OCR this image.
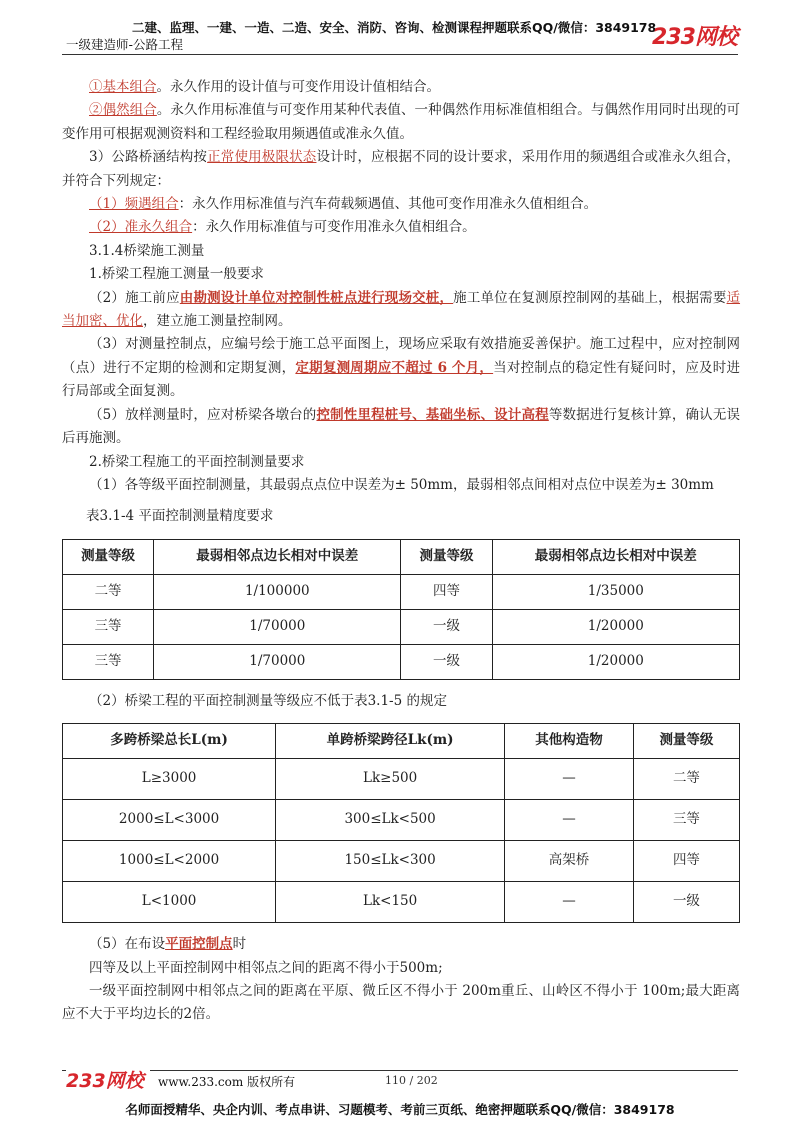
二建、监理、一建、一造、二造、安全、消防、咨询、检测课程押题联系QQ/微信：3849178
一级建造师-公路工程	233网校

①基本组合。永久作用的设计值与可变作用设计值相结合。

②偶然组合。永久作用标准值与可变作用某种代表值、一种偶然作用标准值相组合。与偶然作用同时出现的可变作用可根据观测资料和工程经验取用频遇值或准永久值。

3）公路桥涵结构按正常使用极限状态设计时，应根据不同的设计要求，采用作用的频遇组合或准永久组合，并符合下列规定：

（1）频遇组合：永久作用标准值与汽车荷载频遇值、其他可变作用准永久值相组合。

（2）准永久组合：永久作用标准值与可变作用准永久值相组合。

3.1.4桥梁施工测量

1.桥梁工程施工测量一般要求

（2）施工前应由勘测设计单位对控制性桩点进行现场交桩，施工单位在复测原控制网的基础上，根据需要适当加密、优化，建立施工测量控制网。

（3）对测量控制点，应编号绘于施工总平面图上，现场应采取有效措施妥善保护。施工过程中，应对控制网（点）进行不定期的检测和定期复测，定期复测周期应不超过 6 个月，当对控制点的稳定性有疑问时，应及时进行局部或全面复测。

（5）放样测量时，应对桥梁各墩台的控制性里程桩号、基础坐标、设计高程等数据进行复核计算，确认无误后再施测。

2.桥梁工程施工的平面控制测量要求

（1）各等级平面控制测量，其最弱点点位中误差为± 50mm，最弱相邻点间相对点位中误差为± 30mm

表3.1-4 平面控制测量精度要求

测量等级	最弱相邻点边长相对中误差	测量等级	最弱相邻点边长相对中误差
二等	1/100000	四等	1/35000
三等	1/70000	一级	1/20000
三等	1/70000	一级	1/20000

（2）桥梁工程的平面控制测量等级应不低于表3.1-5 的规定

多跨桥梁总长L(m)	单跨桥梁跨径Lk(m)	其他构造物	测量等级
L≥3000	Lk≥500	—	二等
2000≤L<3000	300≤Lk<500	—	三等
1000≤L<2000	150≤Lk<300	高架桥	四等
L<1000	Lk<150	—	一级

（5）在布设平面控制点时

四等及以上平面控制网中相邻点之间的距离不得小于500m;

一级平面控制网中相邻点之间的距离在平原、微丘区不得小于 200m重丘、山岭区不得小于 100m;最大距离应不大于平均边长的2倍。

233网校	www.233.com 版权所有	110 / 202
名师面授精华、央企内训、考点串讲、习题模考、考前三页纸、绝密押题联系QQ/微信：3849178
